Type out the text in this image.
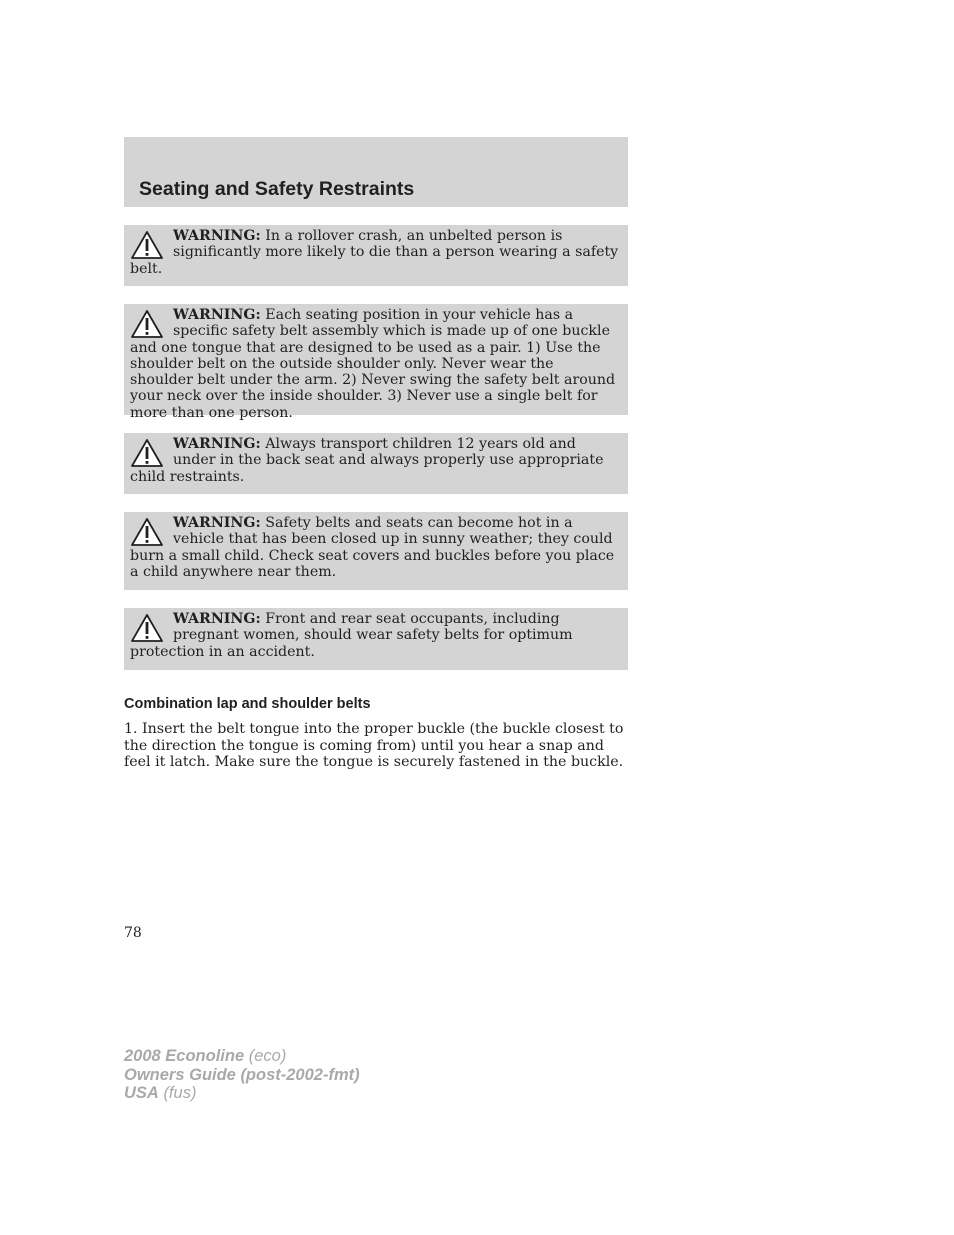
Seating and Safety Restraints
WARNING: In a rollover crash, an unbelted person is significantly more likely to die than a person wearing a safety belt.
WARNING: Each seating position in your vehicle has a specific safety belt assembly which is made up of one buckle and one tongue that are designed to be used as a pair. 1) Use the shoulder belt on the outside shoulder only. Never wear the shoulder belt under the arm. 2) Never swing the safety belt around your neck over the inside shoulder. 3) Never use a single belt for more than one person.
WARNING: Always transport children 12 years old and under in the back seat and always properly use appropriate child restraints.
WARNING: Safety belts and seats can become hot in a vehicle that has been closed up in sunny weather; they could burn a small child. Check seat covers and buckles before you place a child anywhere near them.
WARNING: Front and rear seat occupants, including pregnant women, should wear safety belts for optimum protection in an accident.
Combination lap and shoulder belts

1. Insert the belt tongue into the proper buckle (the buckle closest to the direction the tongue is coming from) until you hear a snap and feel it latch. Make sure the tongue is securely fastened in the buckle.

78
2008 Econoline (eco)
Owners Guide (post-2002-fmt)
USA (fus)
